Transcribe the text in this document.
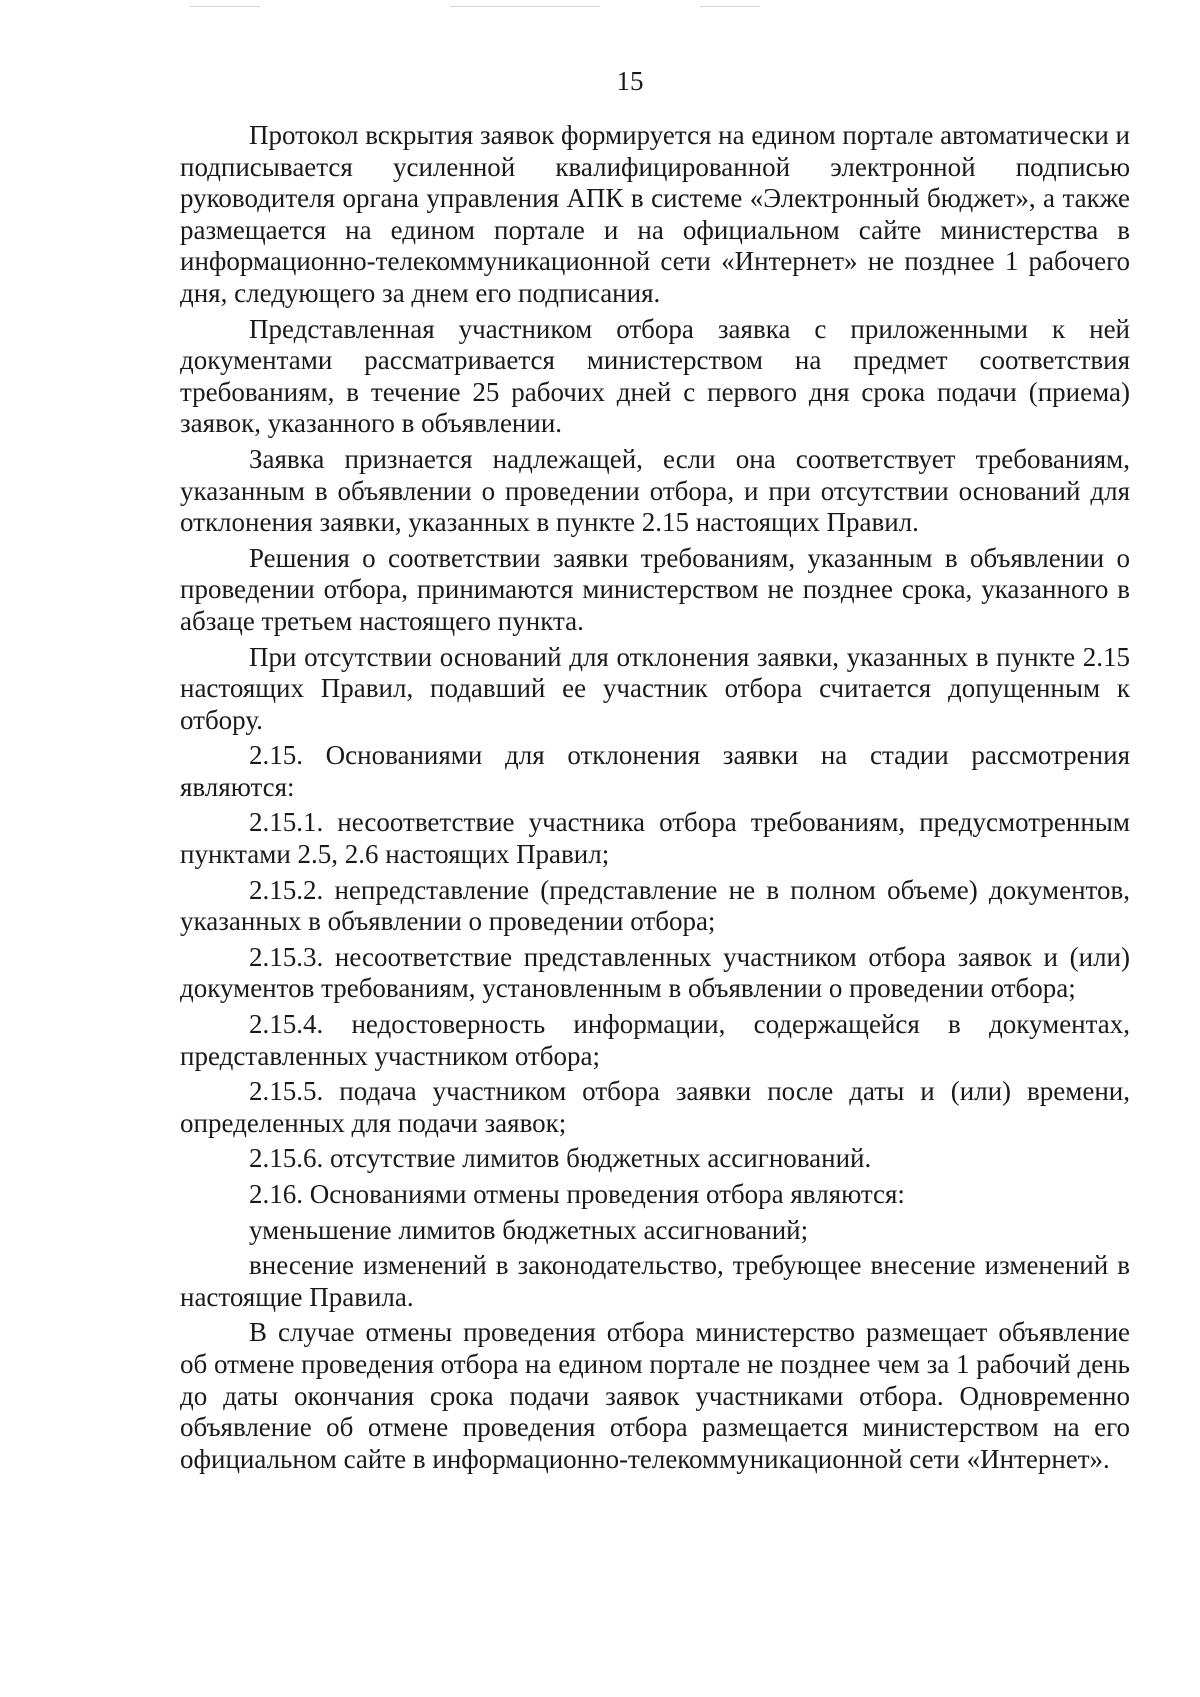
15

Протокол вскрытия заявок формируется на едином портале автоматически и подписывается усиленной квалифицированной электронной подписью руководителя органа управления АПК в системе «Электронный бюджет», а также размещается на едином портале и на официальном сайте министерства в информационно-телекоммуникационной сети «Интернет» не позднее 1 рабочего дня, следующего за днем его подписания.

Представленная участником отбора заявка с приложенными к ней документами рассматривается министерством на предмет соответствия требованиям, в течение 25 рабочих дней с первого дня срока подачи (приема) заявок, указанного в объявлении.

Заявка признается надлежащей, если она соответствует требованиям, указанным в объявлении о проведении отбора, и при отсутствии оснований для отклонения заявки, указанных в пункте 2.15 настоящих Правил.

Решения о соответствии заявки требованиям, указанным в объявлении о проведении отбора, принимаются министерством не позднее срока, указанного в абзаце третьем настоящего пункта.

При отсутствии оснований для отклонения заявки, указанных в пункте 2.15 настоящих Правил, подавший ее участник отбора считается допущенным к отбору.

2.15. Основаниями для отклонения заявки на стадии рассмотрения являются:

2.15.1. несоответствие участника отбора требованиям, предусмотренным пунктами 2.5, 2.6 настоящих Правил;

2.15.2. непредставление (представление не в полном объеме) документов, указанных в объявлении о проведении отбора;

2.15.3. несоответствие представленных участником отбора заявок и (или) документов требованиям, установленным в объявлении о проведении отбора;

2.15.4. недостоверность информации, содержащейся в документах, представленных участником отбора;

2.15.5. подача участником отбора заявки после даты и (или) времени, определенных для подачи заявок;

2.15.6. отсутствие лимитов бюджетных ассигнований.

2.16. Основаниями отмены проведения отбора являются:

уменьшение лимитов бюджетных ассигнований;

внесение изменений в законодательство, требующее внесение изменений в настоящие Правила.

В случае отмены проведения отбора министерство размещает объявление об отмене проведения отбора на едином портале не позднее чем за 1 рабочий день до даты окончания срока подачи заявок участниками отбора. Одновременно объявление об отмене проведения отбора размещается министерством на его официальном сайте в информационно-телекоммуникационной сети «Интернет».
